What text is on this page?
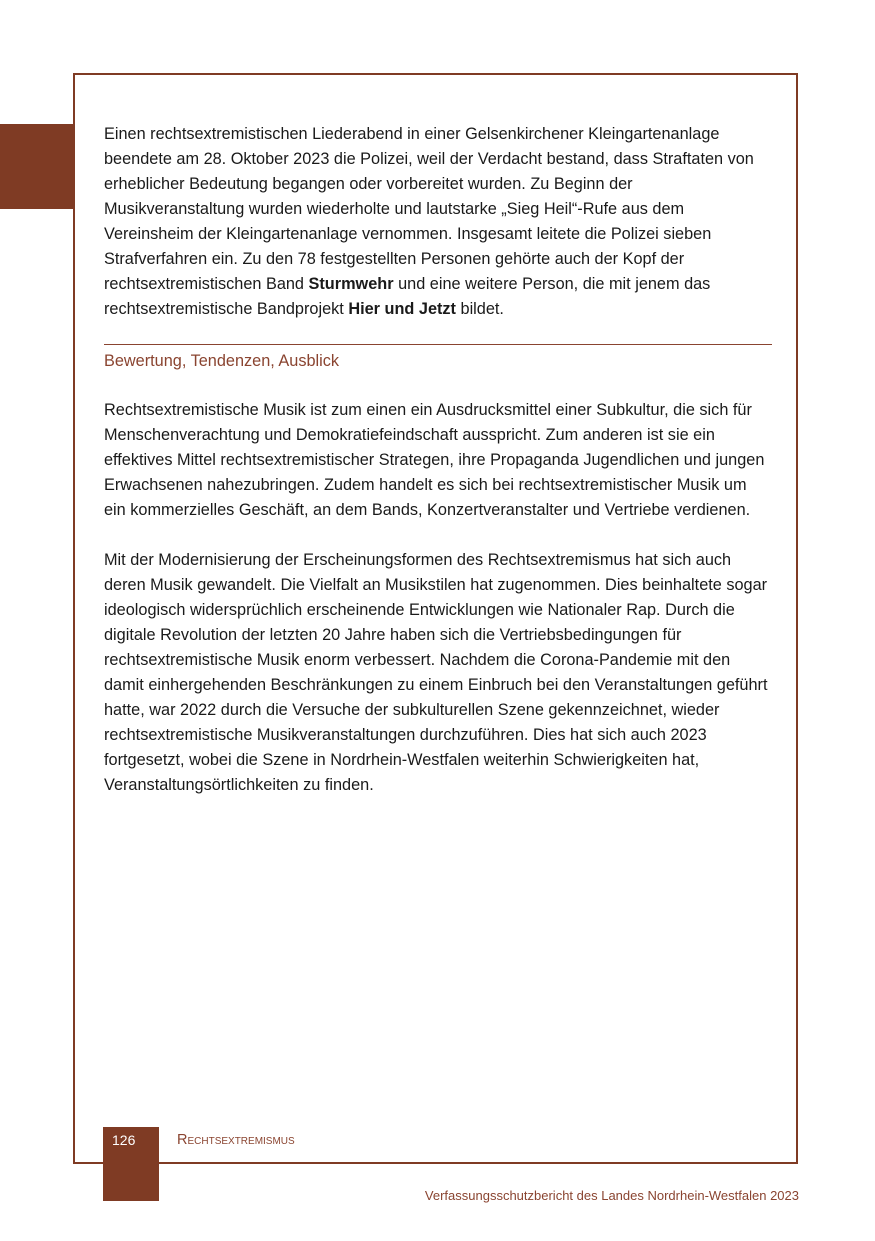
Einen rechtsextremistischen Liederabend in einer Gelsenkirchener Kleingartenanlage beendete am 28. Oktober 2023 die Polizei, weil der Verdacht bestand, dass Straftaten von erheblicher Bedeutung begangen oder vorbereitet wurden. Zu Beginn der Musikveranstaltung wurden wiederholte und lautstarke „Sieg Heil“-Rufe aus dem Vereinsheim der Kleingartenanlage vernommen. Insgesamt leitete die Polizei sieben Strafverfahren ein. Zu den 78 festgestellten Personen gehörte auch der Kopf der rechtsextremistischen Band Sturmwehr und eine weitere Person, die mit jenem das rechtsextremistische Bandprojekt Hier und Jetzt bildet.

Bewertung, Tendenzen, Ausblick

Rechtsextremistische Musik ist zum einen ein Ausdrucksmittel einer Subkultur, die sich für Menschenverachtung und Demokratiefeindschaft ausspricht. Zum anderen ist sie ein effektives Mittel rechtsextremistischer Strategen, ihre Propaganda Jugendlichen und jungen Erwachsenen nahezubringen. Zudem handelt es sich bei rechtsextremistischer Musik um ein kommerzielles Geschäft, an dem Bands, Konzertveranstalter und Vertriebe verdienen.

Mit der Modernisierung der Erscheinungsformen des Rechtsextremismus hat sich auch deren Musik gewandelt. Die Vielfalt an Musikstilen hat zugenommen. Dies beinhaltete sogar ideologisch widersprüchlich erscheinende Entwicklungen wie Nationaler Rap. Durch die digitale Revolution der letzten 20 Jahre haben sich die Vertriebsbedingungen für rechtsextremistische Musik enorm verbessert. Nachdem die Corona-Pandemie mit den damit einhergehenden Beschränkungen zu einem Einbruch bei den Veranstaltungen geführt hatte, war 2022 durch die Versuche der subkulturellen Szene gekennzeichnet, wieder rechtsextremistische Musikveranstaltungen durchzuführen. Dies hat sich auch 2023 fortgesetzt, wobei die Szene in Nordrhein-Westfalen weiterhin Schwierigkeiten hat, Veranstaltungsörtlichkeiten zu finden.

126	Rechtsextremismus
Verfassungsschutzbericht des Landes Nordrhein-Westfalen 2023
